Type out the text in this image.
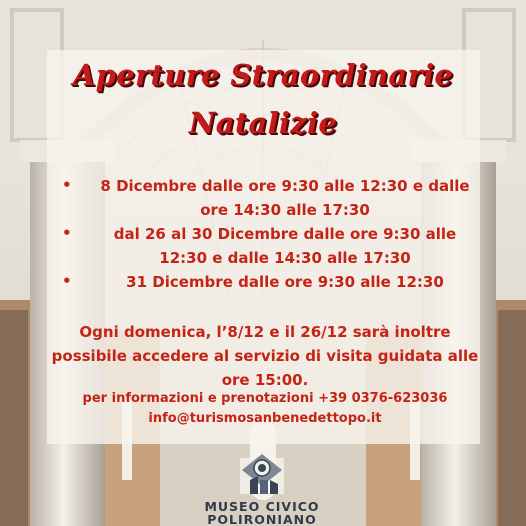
Aperture Straordinarie
Natalizie
•	8 Dicembre dalle ore 9:30 alle 12:30 e dalle ore 14:30 alle 17:30
•	dal 26 al 30 Dicembre dalle ore 9:30 alle 12:30 e dalle 14:30 alle 17:30
•	31 Dicembre dalle ore 9:30 alle 12:30
Ogni domenica, l’8/12 e il 26/12 sarà inoltre possibile accedere al servizio di visita guidata alle ore 15:00.
per informazioni e prenotazioni +39 0376-623036
info@turismosanbenedettopo.it
MUSEO CIVICO
POLIRONIANO
